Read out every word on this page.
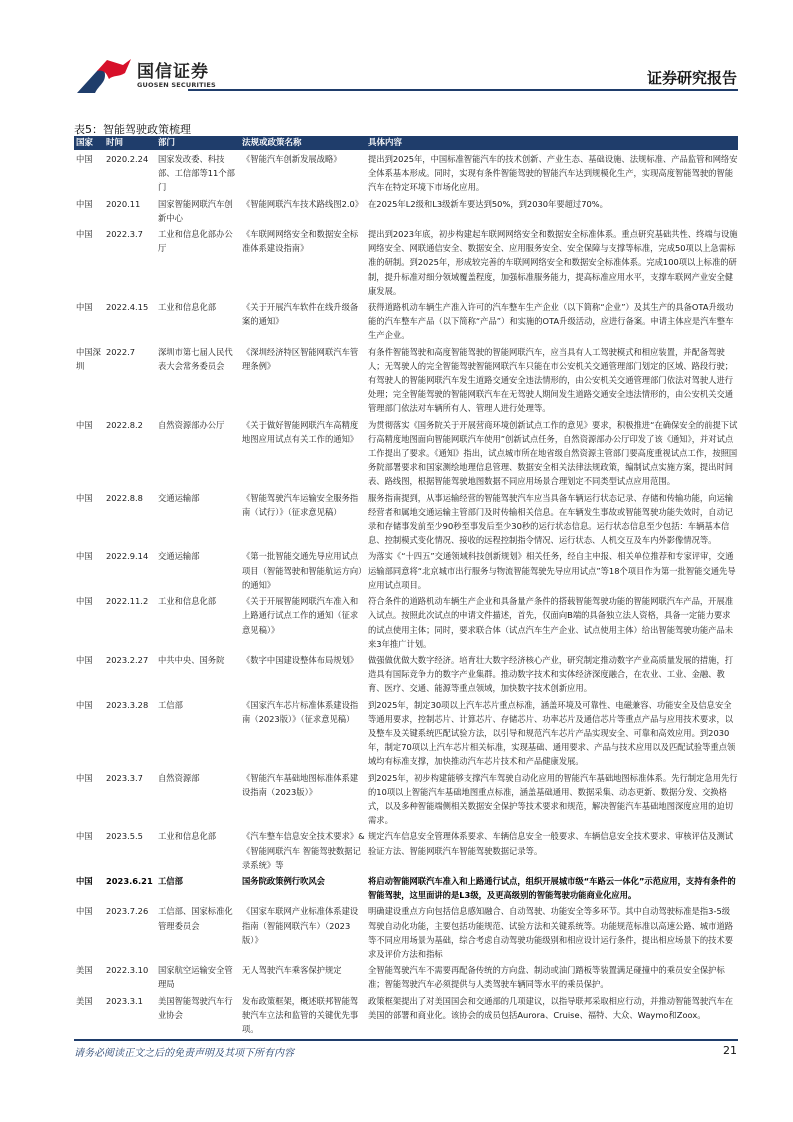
国信证券
GUOSEN SECURITIES	证券研究报告
表5：智能驾驶政策梳理
国家	时间	部门	法规或政策名称	具体内容
中国	2020.2.24	国家发改委、科技部、工信部等11个部门	《智能汽车创新发展战略》	提出到2025年，中国标准智能汽车的技术创新、产业生态、基础设施、法规标准、产品监管和网络安全体系基本形成。同时，实现有条件智能驾驶的智能汽车达到规模化生产，实现高度智能驾驶的智能汽车在特定环境下市场化应用。
中国	2020.11	国家智能网联汽车创新中心	《智能网联汽车技术路线图2.0》	在2025年L2级和L3级新车要达到50%，到2030年要超过70%。
中国	2022.3.7	工业和信息化部办公厅	《车联网网络安全和数据安全标准体系建设指南》	提出到2023年底，初步构建起车联网网络安全和数据安全标准体系。重点研究基础共性、终端与设施网络安全、网联通信安全、数据安全、应用服务安全、安全保障与支撑等标准，完成50项以上急需标准的研制。到2025年，形成较完善的车联网网络安全和数据安全标准体系。完成100项以上标准的研制，提升标准对细分领域覆盖程度，加强标准服务能力，提高标准应用水平，支撑车联网产业安全健康发展。
中国	2022.4.15	工业和信息化部	《关于开展汽车软件在线升级备案的通知》	获得道路机动车辆生产准入许可的汽车整车生产企业（以下简称“企业”）及其生产的具备OTA升级功能的汽车整车产品（以下简称“产品”）和实施的OTA升级活动，应进行备案。申请主体应是汽车整车生产企业。
中国深圳	2022.7	深圳市第七届人民代表大会常务委员会	《深圳经济特区智能网联汽车管理条例》	有条件智能驾驶和高度智能驾驶的智能网联汽车，应当具有人工驾驶模式和相应装置，并配备驾驶人；无驾驶人的完全智能驾驶智能网联汽车只能在市公安机关交通管理部门划定的区域、路段行驶；有驾驶人的智能网联汽车发生道路交通安全违法情形的，由公安机关交通管理部门依法对驾驶人进行处理；完全智能驾驶的智能网联汽车在无驾驶人期间发生道路交通安全违法情形的，由公安机关交通管理部门依法对车辆所有人、管理人进行处理等。
中国	2022.8.2	自然资源部办公厅	《关于做好智能网联汽车高精度地图应用试点有关工作的通知》	为贯彻落实《国务院关于开展营商环境创新试点工作的意见》要求，积极推进“在确保安全的前提下试行高精度地图面向智能网联汽车使用”创新试点任务，自然资源部办公厅印发了该《通知》，并对试点工作提出了要求。《通知》指出，试点城市所在地省级自然资源主管部门要高度重视试点工作，按照国务院部署要求和国家测绘地理信息管理、数据安全相关法律法规政策，编制试点实施方案，提出时间表、路线图，根据智能驾驶地图数据不同应用场景合理划定不同类型试点应用范围。
中国	2022.8.8	交通运输部	《智能驾驶汽车运输安全服务指南（试行）》（征求意见稿）	服务指南提到，从事运输经营的智能驾驶汽车应当具备车辆运行状态记录、存储和传输功能，向运输经营者和属地交通运输主管部门及时传输相关信息。在车辆发生事故或智能驾驶功能失效时，自动记录和存储事发前至少90秒至事发后至少30秒的运行状态信息。运行状态信息至少包括：车辆基本信息、控制模式变化情况、接收的远程控制指令情况、运行状态、人机交互及车内外影像情况等。
中国	2022.9.14	交通运输部	《第一批智能交通先导应用试点项目（智能驾驶和智能航运方向）的通知》	为落实《“十四五”交通领域科技创新规划》相关任务，经自主申报、相关单位推荐和专家评审，交通运输部同意将“北京城市出行服务与物流智能驾驶先导应用试点”等18个项目作为第一批智能交通先导应用试点项目。
中国	2022.11.2	工业和信息化部	《关于开展智能网联汽车准入和上路通行试点工作的通知（征求意见稿）》	符合条件的道路机动车辆生产企业和具备量产条件的搭载智能驾驶功能的智能网联汽车产品，开展准入试点。按照此次试点的申请文件描述，首先，仅面向B端的具备独立法人资格，具备一定能力要求的试点使用主体；同时，要求联合体（试点汽车生产企业、试点使用主体）给出智能驾驶功能产品未来3年推广计划。
中国	2023.2.27	中共中央、国务院	《数字中国建设整体布局规划》	做强做优做大数字经济。培育壮大数字经济核心产业，研究制定推动数字产业高质量发展的措施，打造具有国际竞争力的数字产业集群。推动数字技术和实体经济深度融合，在农业、工业、金融、教育、医疗、交通、能源等重点领域，加快数字技术创新应用。
中国	2023.3.28	工信部	《国家汽车芯片标准体系建设指南（2023版）》（征求意见稿）	到2025年，制定30项以上汽车芯片重点标准，涵盖环境及可靠性、电磁兼容、功能安全及信息安全等通用要求，控制芯片、计算芯片、存储芯片、功率芯片及通信芯片等重点产品与应用技术要求，以及整车及关键系统匹配试验方法，以引导和规范汽车芯片产品实现安全、可靠和高效应用。到2030年，制定70项以上汽车芯片相关标准，实现基础、通用要求、产品与技术应用以及匹配试验等重点领域均有标准支撑，加快推动汽车芯片技术和产品健康发展。
中国	2023.3.7	自然资源部	《智能汽车基础地图标准体系建设指南（2023版）》	到2025年，初步构建能够支撑汽车驾驶自动化应用的智能汽车基础地图标准体系。先行制定急用先行的10项以上智能汽车基础地图重点标准，涵盖基础通用、数据采集、动态更新、数据分发、交换格式，以及多种智能端侧相关数据安全保护等技术要求和规范，解决智能汽车基础地图深度应用的迫切需求。
中国	2023.5.5	工业和信息化部	《汽车整车信息安全技术要求》&《智能网联汽车 智能驾驶数据记录系统》等	规定汽车信息安全管理体系要求、车辆信息安全一般要求、车辆信息安全技术要求、审核评估及测试验证方法、智能网联汽车智能驾驶数据记录等。
中国	2023.6.21	工信部	国务院政策例行吹风会	将启动智能网联汽车准入和上路通行试点，组织开展城市级“车路云一体化”示范应用，支持有条件的智能驾驶，这里面讲的是L3级，及更高级别的智能驾驶功能商业化应用。
中国	2023.7.26	工信部、国家标准化管理委员会	《国家车联网产业标准体系建设指南（智能网联汽车）（2023版）》	明确建设重点方向包括信息感知融合、自动驾驶、功能安全等多环节。其中自动驾驶标准是指3-5级驾驶自动化功能，主要包括功能规范、试验方法和关键系统等。功能规范标准以高速公路、城市道路等不同应用场景为基础，综合考虑自动驾驶功能级别和相应设计运行条件，提出相应场景下的技术要求及评价方法和指标
美国	2022.3.10	国家航空运输安全管理局	无人驾驶汽车乘客保护规定	全智能驾驶汽车不需要再配备传统的方向盘、制动或油门踏板等装置满足碰撞中的乘员安全保护标准；智能驾驶汽车必须提供与人类驾驶车辆同等水平的乘员保护。
美国	2023.3.1	美国智能驾驶汽车行业协会	发布政策框架，概述联邦智能驾驶汽车立法和监管的关键优先事项。	政策框架提出了对美国国会和交通部的几项建议，以指导联邦采取相应行动，并推动智能驾驶汽车在美国的部署和商业化。该协会的成员包括Aurora、Cruise、福特、大众、Waymo和Zoox。
请务必阅读正文之后的免责声明及其项下所有内容	21
